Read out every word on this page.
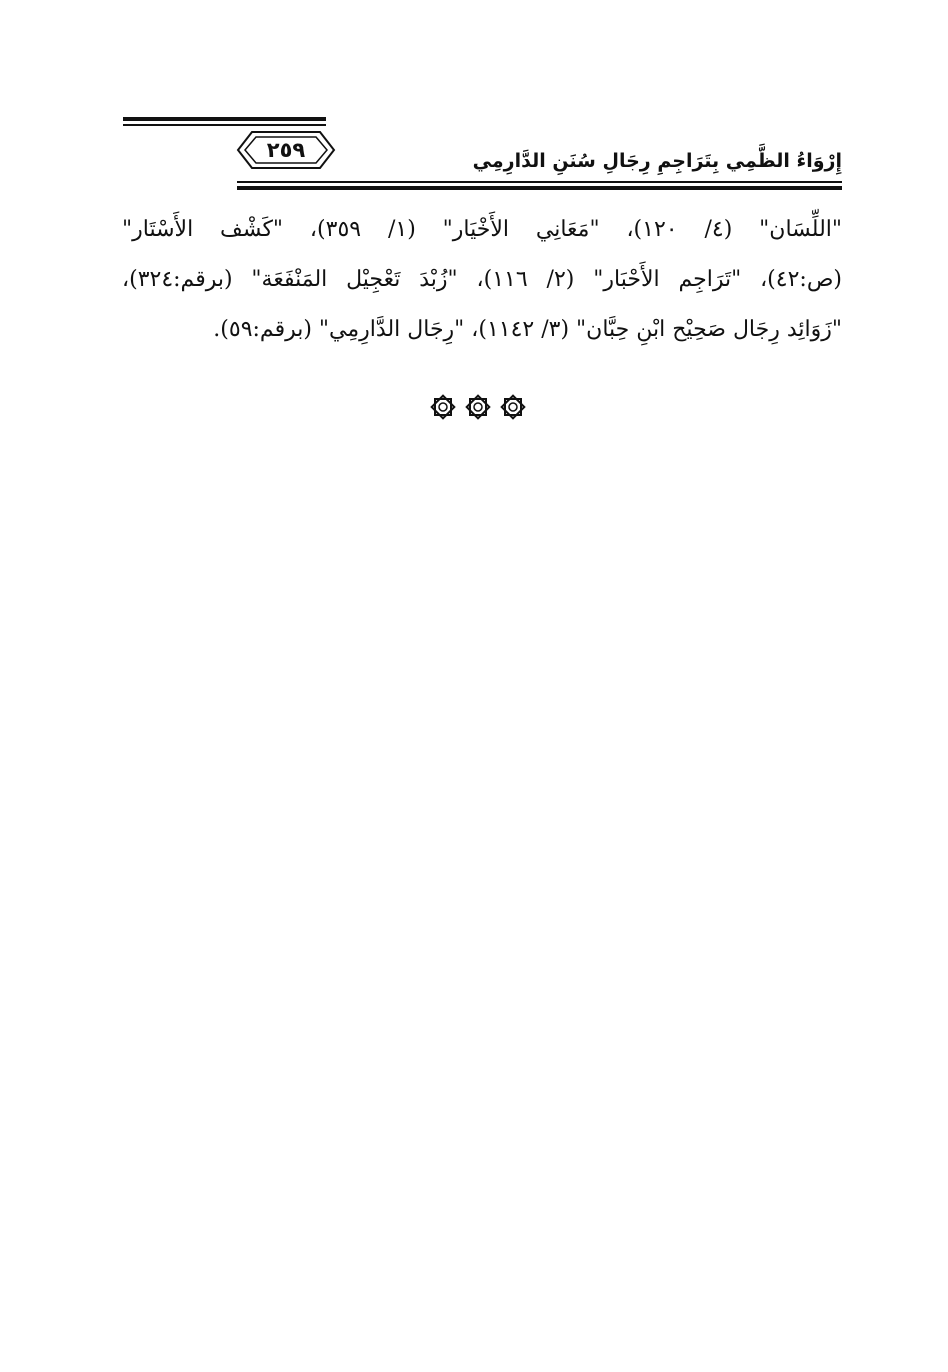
٢٥٩	إِرْوَاءُ الظَّمِي بِتَرَاجِمِ رِجَالِ سُنَنِ الدَّارِمِي
"اللِّسَان" (٤/ ١٢٠)، "مَعَانِي الأَخْيَار" (١/ ٣٥٩)، "كَشْف الأَسْتَار"
(ص:٤٢)، "تَرَاجِم الأَحْبَار" (٢/ ١١٦)، "زُبْدَ تَعْجِيْل المَنْفَعَة" (برقم:٣٢٤)،
"زَوَائِد رِجَال صَحِيْح ابْنِ حِبَّان" (٣/ ١١٤٢)، "رِجَال الدَّارِمِي" (برقم:٥٩).
